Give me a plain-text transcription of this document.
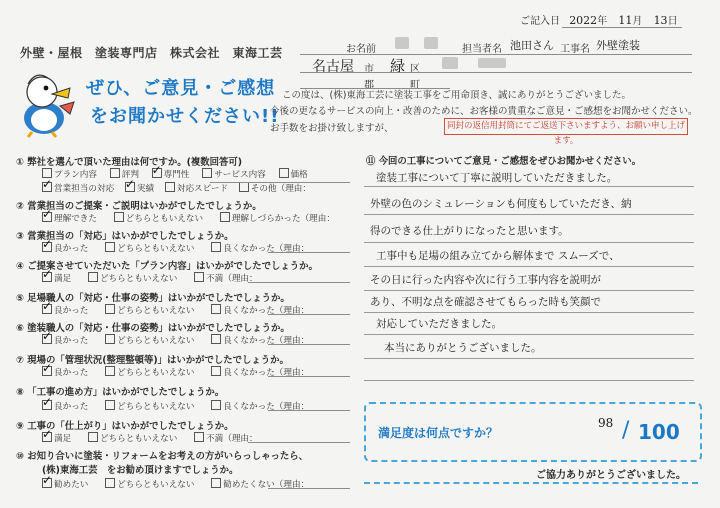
ご記入日 2022年 11月 13日
外壁・屋根　塗装専門店　株式会社　東海工芸	お名前	担当者名 池田さん 工事名 外壁塗装
名古屋 市 緑 区
郡	町
ぜひ、ご意見・ご感想
をお聞かせください!!
この度は、(株)東海工芸に塗装工事をご用命頂き、誠にありがとうございました。
今後の更なるサービスの向上・改善のために、お客様の貴重なご意見・ご感想をお聞かせください。
お手数をお掛け致しますが、	同封の返信用封筒にてご返送下さいますよう、お願い申し上げます。
① 弊社を選んで頂いた理由は何ですか。(複数回答可)
プラン内容	評判 ✓	専門性	サービス内容	価格
✓営業担当の対応 ✓	実績	対応スピード	その他（理由：
② 営業担当のご提案・ご説明はいかがでしたでしょうか。
✓理解できた	どちらともいえない	理解しづらかった（理由：
③ 営業担当の「対応」はいかがでしたでしょうか。
✓良かった	どちらともいえない	良くなかった（理由：
④ ご提案させていただいた「プラン内容」はいかがでしたでしょうか。
✓満足	どちらともいえない	不満（理由：
⑤ 足場職人の「対応・仕事の姿勢」はいかがでしたでしょうか。
✓良かった	どちらともいえない	良くなかった（理由：
⑥ 塗装職人の「対応・仕事の姿勢」はいかがでしたでしょうか。
✓良かった	どちらともいえない	良くなかった（理由：
⑦ 現場の「管理状況(整理整頓等)」はいかがでしたでしょうか。
✓良かった	どちらともいえない	良くなかった（理由：
⑧ 「工事の進め方」はいかがでしたでしょうか。
✓良かった	どちらともいえない	良くなかった（理由：
⑨ 工事の「仕上がり」はいかがでしたでしょうか。
✓満足	どちらともいえない	不満（理由：
⑩ お知り合いに塗装・リフォームをお考えの方がいらっしゃったら、
(株)東海工芸　をお勧め頂けますでしょうか。
✓勧めたい	どちらともいえない	勧めたくない（理由：
⑪ 今回の工事についてご意見・ご感想をぜひお聞かせください。
塗装工事について丁寧に説明していただきました。
外壁の色のシミュレーションも何度もしていただき、納
得のできる仕上がりになったと思います。
工事中も足場の組み立てから解体まで スムーズで、
その日に行った内容や次に行う工事内容を説明が
あり、不明な点を確認させてもらった時も笑顔で
対応していただきました。
本当にありがとうございました。
満足度は何点ですか？
98 / 100
ご協力ありがとうございました。
